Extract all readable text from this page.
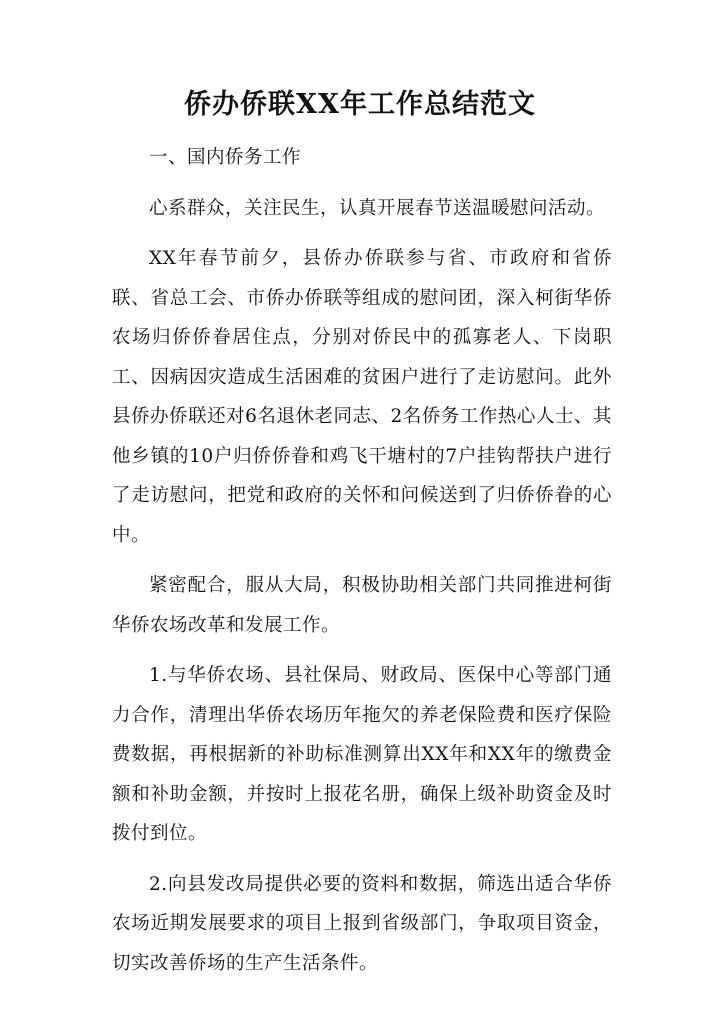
侨办侨联XX年工作总结范文

一、国内侨务工作

心系群众，关注民生，认真开展春节送温暖慰问活动。

XX年春节前夕，县侨办侨联参与省、市政府和省侨联、省总工会、市侨办侨联等组成的慰问团，深入柯街华侨农场归侨侨眷居住点，分别对侨民中的孤寡老人、下岗职工、因病因灾造成生活困难的贫困户进行了走访慰问。此外县侨办侨联还对6名退休老同志、2名侨务工作热心人士、其他乡镇的10户归侨侨眷和鸡飞干塘村的7户挂钩帮扶户进行了走访慰问，把党和政府的关怀和问候送到了归侨侨眷的心中。

紧密配合，服从大局，积极协助相关部门共同推进柯街华侨农场改革和发展工作。

1.与华侨农场、县社保局、财政局、医保中心等部门通力合作，清理出华侨农场历年拖欠的养老保险费和医疗保险费数据，再根据新的补助标准测算出XX年和XX年的缴费金额和补助金额，并按时上报花名册，确保上级补助资金及时拨付到位。

2.向县发改局提供必要的资料和数据，筛选出适合华侨农场近期发展要求的项目上报到省级部门，争取项目资金，切实改善侨场的生产生活条件。
